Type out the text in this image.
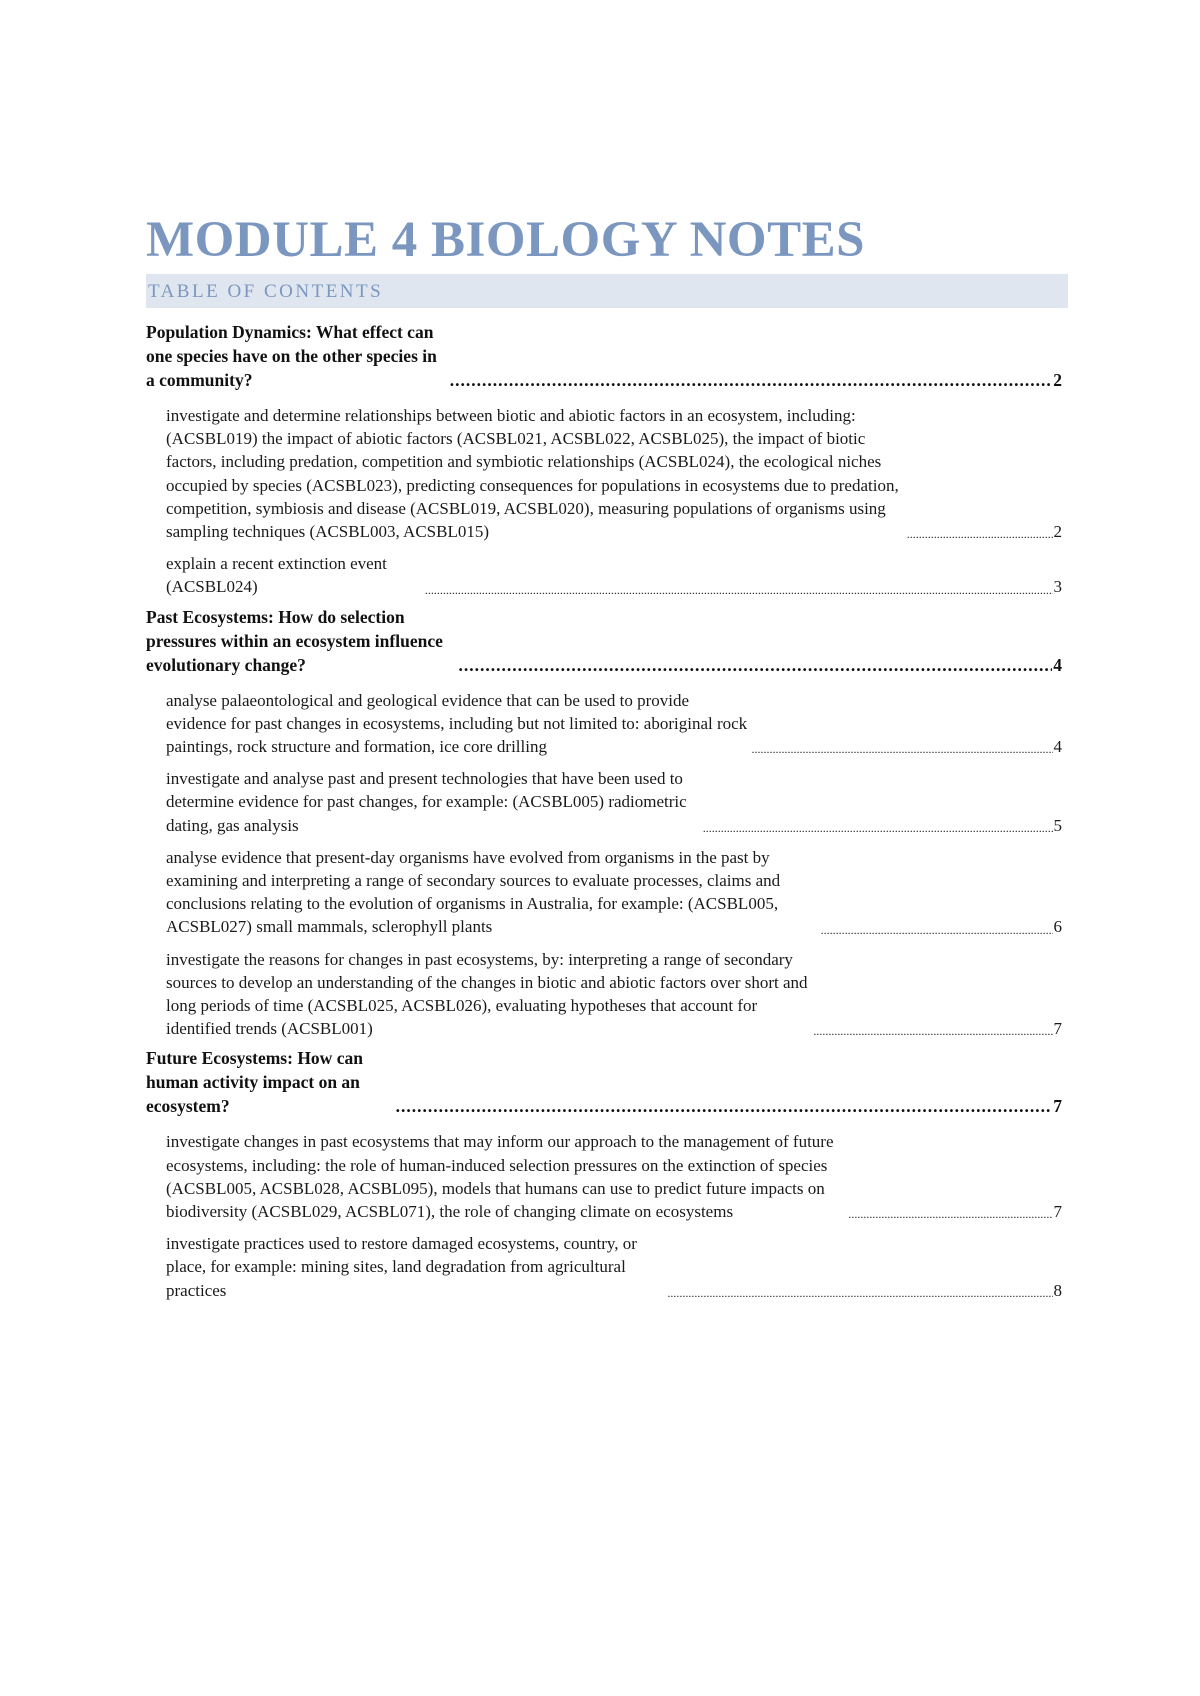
MODULE 4 BIOLOGY NOTES
TABLE OF CONTENTS
Population Dynamics: What effect can one species have on the other species in a community? .....	2
investigate and determine relationships between biotic and abiotic factors in an ecosystem, including: (ACSBL019) the impact of abiotic factors (ACSBL021, ACSBL022, ACSBL025), the impact of biotic factors, including predation, competition and symbiotic relationships (ACSBL024), the ecological niches occupied by species (ACSBL023), predicting consequences for populations in ecosystems due to predation, competition, symbiosis and disease (ACSBL019, ACSBL020), measuring populations of organisms using sampling techniques (ACSBL003, ACSBL015) .....	2
explain a recent extinction event (ACSBL024) .....	3
Past Ecosystems: How do selection pressures within an ecosystem influence evolutionary change? .....	4
analyse palaeontological and geological evidence that can be used to provide evidence for past changes in ecosystems, including but not limited to: aboriginal rock paintings, rock structure and formation, ice core drilling .....	4
investigate and analyse past and present technologies that have been used to determine evidence for past changes, for example: (ACSBL005) radiometric dating, gas analysis .....	5
analyse evidence that present-day organisms have evolved from organisms in the past by examining and interpreting a range of secondary sources to evaluate processes, claims and conclusions relating to the evolution of organisms in Australia, for example: (ACSBL005, ACSBL027) small mammals, sclerophyll plants .....	6
investigate the reasons for changes in past ecosystems, by: interpreting a range of secondary sources to develop an understanding of the changes in biotic and abiotic factors over short and long periods of time (ACSBL025, ACSBL026), evaluating hypotheses that account for identified trends (ACSBL001) .....	7
Future Ecosystems: How can human activity impact on an ecosystem? .....	7
investigate changes in past ecosystems that may inform our approach to the management of future ecosystems, including: the role of human-induced selection pressures on the extinction of species (ACSBL005, ACSBL028, ACSBL095), models that humans can use to predict future impacts on biodiversity (ACSBL029, ACSBL071), the role of changing climate on ecosystems .....	7
investigate practices used to restore damaged ecosystems, country, or place, for example: mining sites, land degradation from agricultural practices .....	8
